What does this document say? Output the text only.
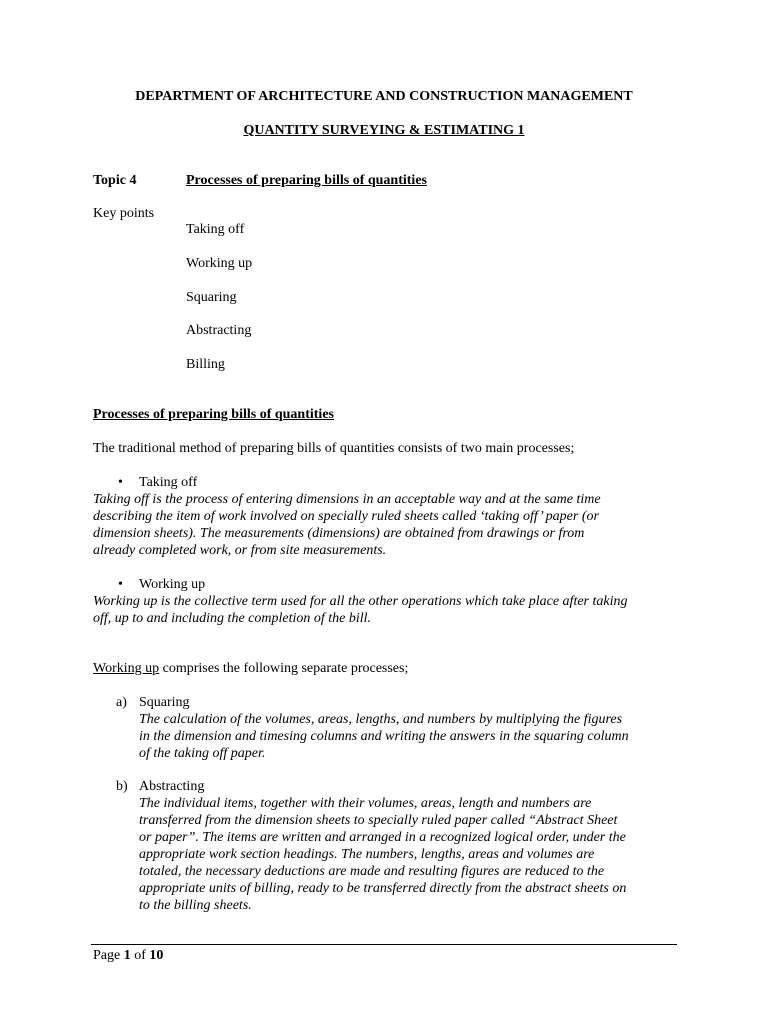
DEPARTMENT OF ARCHITECTURE AND CONSTRUCTION MANAGEMENT
QUANTITY SURVEYING & ESTIMATING 1
Topic 4	Processes of preparing bills of quantities
Key points
Taking off
Working up
Squaring
Abstracting
Billing
Processes of preparing bills of quantities
The traditional method of preparing bills of quantities consists of two main processes;
• Taking off
Taking off is the process of entering dimensions in an acceptable way and at the same time
describing the item of work involved on specially ruled sheets called ‘taking off’ paper (or
dimension sheets). The measurements (dimensions) are obtained from drawings or from
already completed work, or from site measurements.
• Working up
Working up is the collective term used for all the other operations which take place after taking
off, up to and including the completion of the bill.
Working up comprises the following separate processes;
a) Squaring
The calculation of the volumes, areas, lengths, and numbers by multiplying the figures
in the dimension and timesing columns and writing the answers in the squaring column
of the taking off paper.
b) Abstracting
The individual items, together with their volumes, areas, length and numbers are
transferred from the dimension sheets to specially ruled paper called “Abstract Sheet
or paper”. The items are written and arranged in a recognized logical order, under the
appropriate work section headings. The numbers, lengths, areas and volumes are
totaled, the necessary deductions are made and resulting figures are reduced to the
appropriate units of billing, ready to be transferred directly from the abstract sheets on
to the billing sheets.
Page 1 of 10
